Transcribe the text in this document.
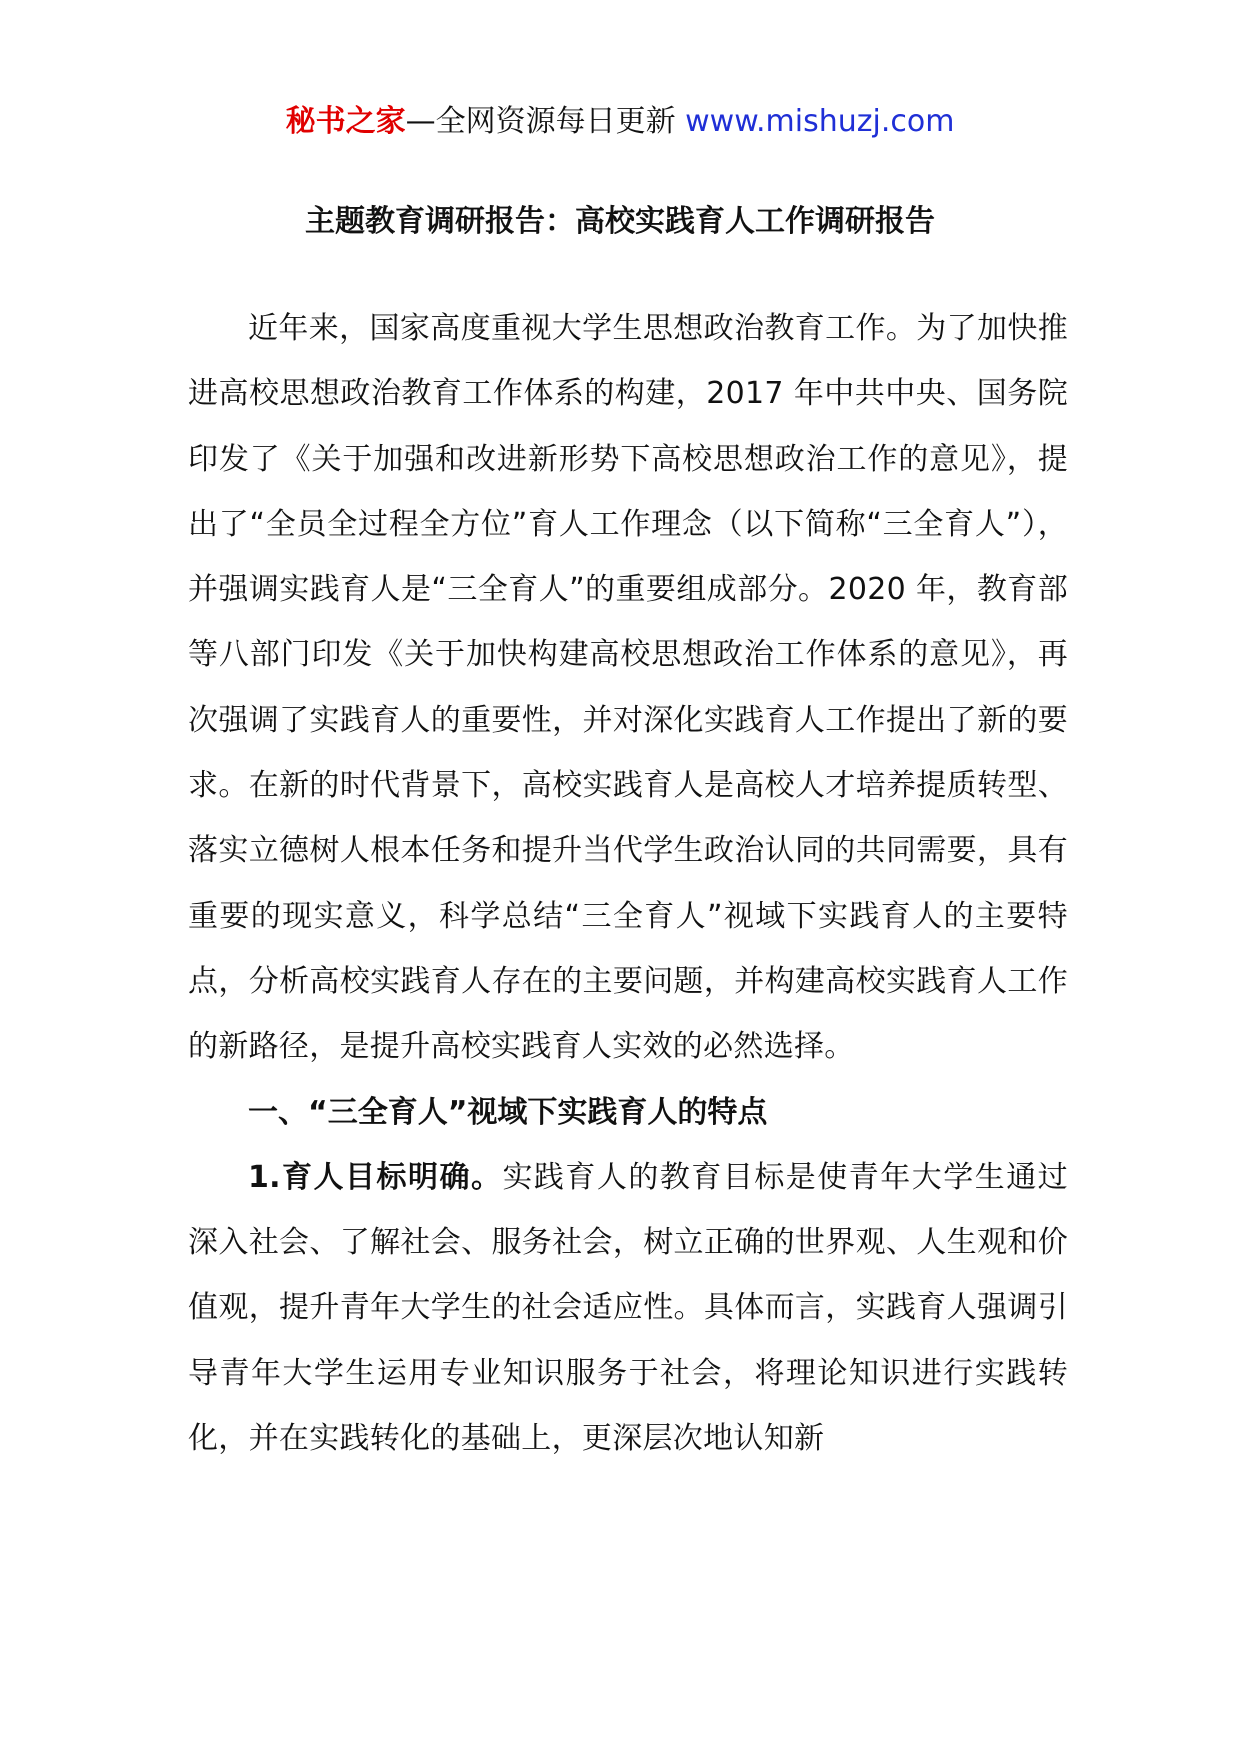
秘书之家—全网资源每日更新 www.mishuzj.com
主题教育调研报告：高校实践育人工作调研报告

近年来，国家高度重视大学生思想政治教育工作。为了加快推进高校思想政治教育工作体系的构建，2017 年中共中央、国务院印发了《关于加强和改进新形势下高校思想政治工作的意见》，提出了“全员全过程全方位”育人工作理念（以下简称“三全育人”），并强调实践育人是“三全育人”的重要组成部分。2020 年，教育部等八部门印发《关于加快构建高校思想政治工作体系的意见》，再次强调了实践育人的重要性，并对深化实践育人工作提出了新的要求。在新的时代背景下，高校实践育人是高校人才培养提质转型、落实立德树人根本任务和提升当代学生政治认同的共同需要，具有重要的现实意义，科学总结“三全育人”视域下实践育人的主要特点，分析高校实践育人存在的主要问题，并构建高校实践育人工作的新路径，是提升高校实践育人实效的必然选择。

一、“三全育人”视域下实践育人的特点

1.育人目标明确。实践育人的教育目标是使青年大学生通过深入社会、了解社会、服务社会，树立正确的世界观、人生观和价值观，提升青年大学生的社会适应性。具体而言，实践育人强调引导青年大学生运用专业知识服务于社会，将理论知识进行实践转化，并在实践转化的基础上，更深层次地认知新
